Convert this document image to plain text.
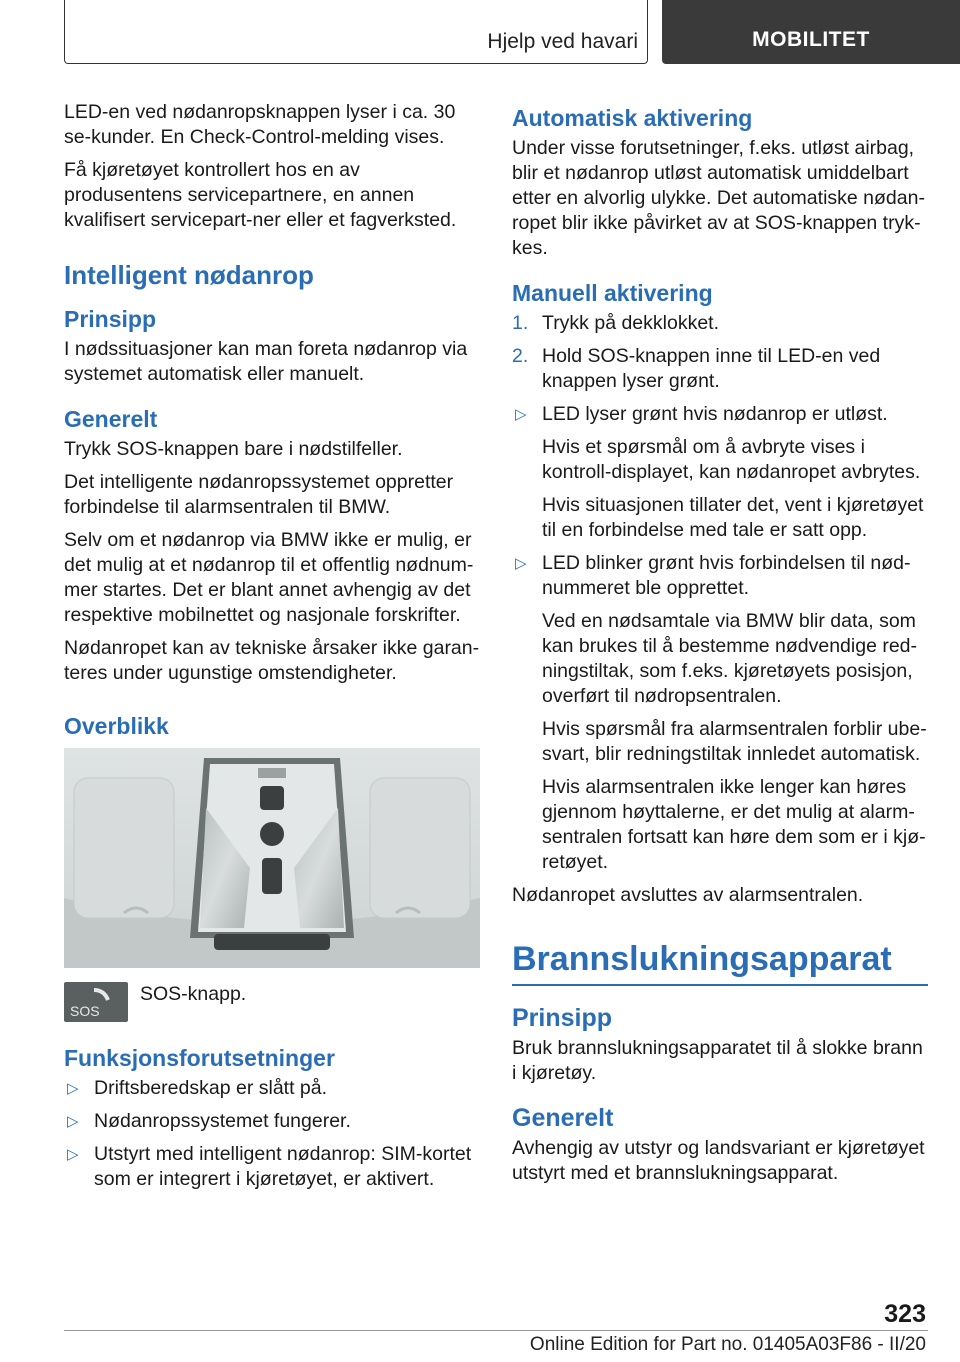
Hjelp ved havari	MOBILITET

LED-en ved nødanropsknappen lyser i ca. 30 se-kunder. En Check-Control-melding vises.

Få kjøretøyet kontrollert hos en av produsentens servicepartnere, en annen kvalifisert servicepart-ner eller et fagverksted.

Intelligent nødanrop
Prinsipp

I nødssituasjoner kan man foreta nødanrop via systemet automatisk eller manuelt.

Generelt

Trykk SOS-knappen bare i nødstilfeller.

Det intelligente nødanropssystemet oppretter forbindelse til alarmsentralen til BMW.

Selv om et nødanrop via BMW ikke er mulig, er det mulig at et nødanrop til et offentlig nødnum-mer startes. Det er blant annet avhengig av det respektive mobilnettet og nasjonale forskrifter.

Nødanropet kan av tekniske årsaker ikke garan-teres under ugunstige omstendigheter.

Overblikk
SOS
SOS-knapp.
Funksjonsforutsetninger
▷ Driftsberedskap er slått på.
▷ Nødanropssystemet fungerer.
▷ Utstyrt med intelligent nødanrop: SIM-kortet som er integrert i kjøretøyet, er aktivert.
Automatisk aktivering

Under visse forutsetninger, f.eks. utløst airbag, blir et nødanrop utløst automatisk umiddelbart etter en alvorlig ulykke. Det automatiske nødan-ropet blir ikke påvirket av at SOS-knappen tryk-kes.

Manuell aktivering
1. Trykk på dekklokket.
2. Hold SOS-knappen inne til LED-en ved knappen lyser grønt.
▷ LED lyser grønt hvis nødanrop er utløst.

Hvis et spørsmål om å avbryte vises i kontroll-displayet, kan nødanropet avbrytes.

Hvis situasjonen tillater det, vent i kjøretøyet til en forbindelse med tale er satt opp.

▷ LED blinker grønt hvis forbindelsen til nød-nummeret ble opprettet.

Ved en nødsamtale via BMW blir data, som kan brukes til å bestemme nødvendige red-ningstiltak, som f.eks. kjøretøyets posisjon, overført til nødropsentralen.

Hvis spørsmål fra alarmsentralen forblir ube-svart, blir redningstiltak innledet automatisk.

Hvis alarmsentralen ikke lenger kan høres gjennom høyttalerne, er det mulig at alarm-sentralen fortsatt kan høre dem som er i kjø-retøyet.

Nødanropet avsluttes av alarmsentralen.

Brannslukningsapparat
Prinsipp

Bruk brannslukningsapparatet til å slokke brann i kjøretøy.

Generelt

Avhengig av utstyr og landsvariant er kjøretøyet utstyrt med et brannslukningsapparat.

323
Online Edition for Part no. 01405A03F86 - II/20
